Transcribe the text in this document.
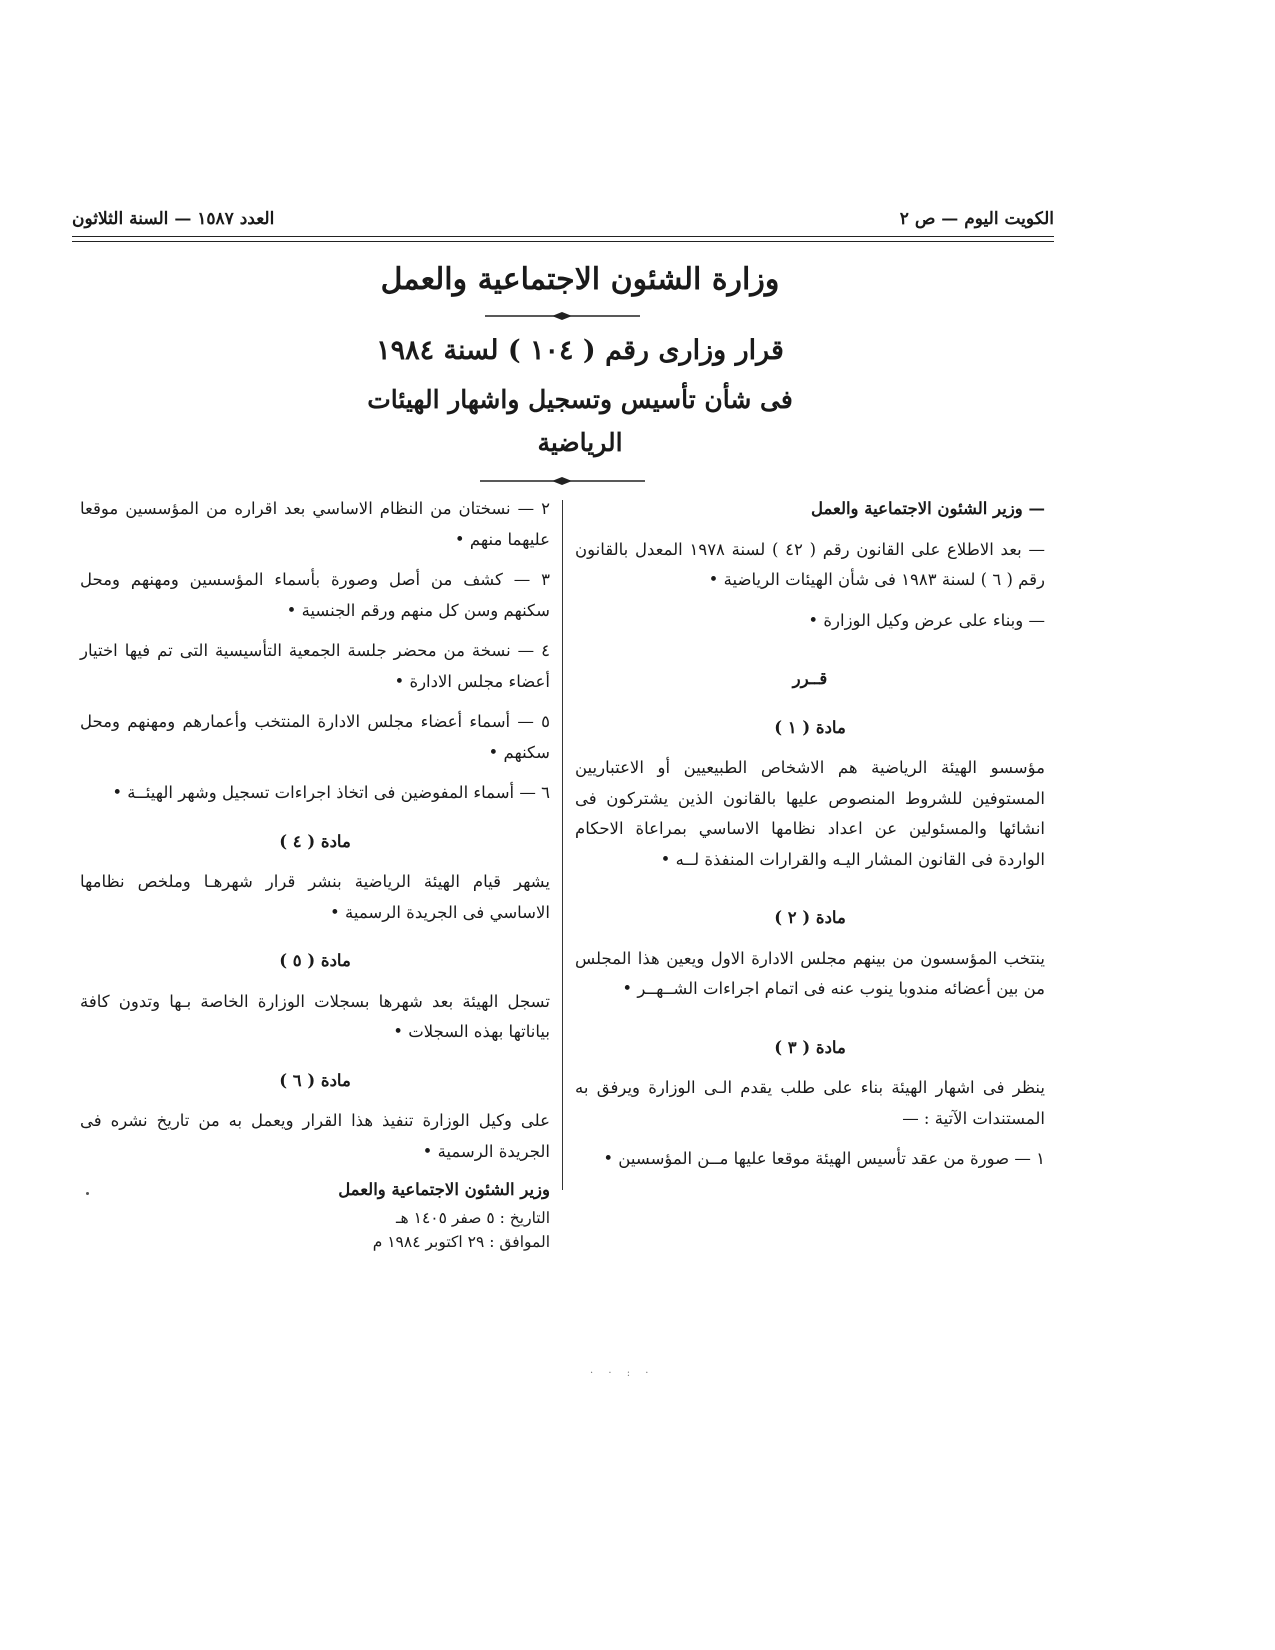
الكويت اليوم — ص ٢
العدد ١٥٨٧ — السنة الثلاثون
وزارة الشئون الاجتماعية والعمل
قرار وزارى رقم ( ١٠٤ ) لسنة ١٩٨٤
فى شأن تأسيس وتسجيل واشهار الهيئات
الرياضية

— وزير الشئون الاجتماعية والعمل

— بعد الاطلاع على القانون رقم ( ٤٢ ) لسنة ١٩٧٨ المعدل بالقانون رقم ( ٦ ) لسنة ١٩٨٣ فى شأن الهيئات الرياضية •

— وبناء على عرض وكيل الوزارة •

قــرر

مادة ( ١ )

مؤسسو الهيئة الرياضية هم الاشخاص الطبيعيين أو الاعتباريين المستوفين للشروط المنصوص عليها بالقانون الذين يشتركون فى انشائها والمسئولين عن اعداد نظامها الاساسي بمراعاة الاحكام الواردة فى القانون المشار اليـه والقرارات المنفذة لــه •

مادة ( ٢ )

ينتخب المؤسسون من بينهم مجلس الادارة الاول ويعين هذا المجلس من بين أعضائه مندوبا ينوب عنه فى اتمام اجراءات الشــهــر •

مادة ( ٣ )

ينظر فى اشهار الهيئة بناء على طلب يقدم الـى الوزارة ويرفق به المستندات الآتية : —

١ — صورة من عقد تأسيس الهيئة موقعا عليها مــن المؤسسين •

٢ — نسختان من النظام الاساسي بعد اقراره من المؤسسين موقعا عليهما منهم •

٣ — كشف من أصل وصورة بأسماء المؤسسين ومهنهم ومحل سكنهم وسن كل منهم ورقم الجنسية •

٤ — نسخة من محضر جلسة الجمعية التأسيسية التى تم فيها اختيار أعضاء مجلس الادارة •

٥ — أسماء أعضاء مجلس الادارة المنتخب وأعمارهم ومهنهم ومحل سكنهم •

٦ — أسماء المفوضين فى اتخاذ اجراءات تسجيل وشهر الهيئــة •

مادة ( ٤ )

يشهر قيام الهيئة الرياضية بنشر قرار شهرهـا وملخص نظامها الاساسي فى الجريدة الرسمية •

مادة ( ٥ )

تسجل الهيئة بعد شهرها بسجلات الوزارة الخاصة بـها وتدون كافة بياناتها بهذه السجلات •

مادة ( ٦ )

على وكيل الوزارة تنفيذ هذا القرار ويعمل به من تاريخ نشره فى الجريدة الرسمية •

وزير الشئون الاجتماعية والعمل

التاريخ : ٥ صفر ١٤٠٥ هـ

الموافق : ٢٩ اكتوبر ١٩٨٤ م

· · : ·
